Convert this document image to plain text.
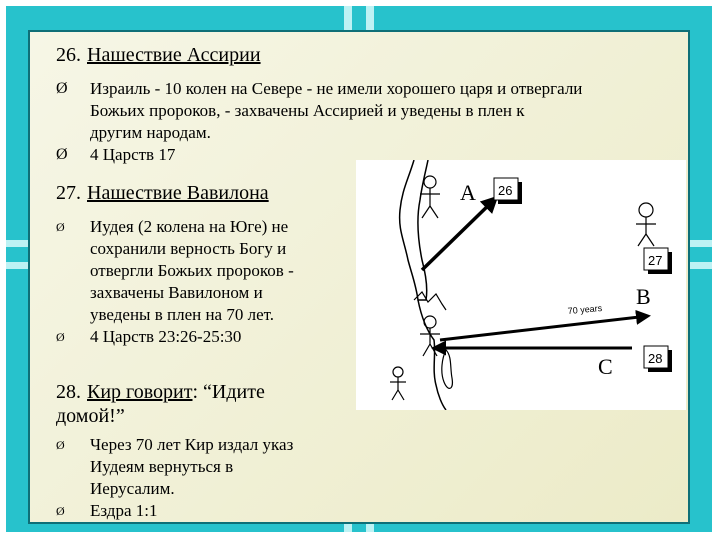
26. Нашествие Ассирии
Ø	Израиль - 10 колен на Севере - не имели хорошего царя и отвергали
Божьих пророков, - захвачены Ассирией и уведены в плен к
другим народам.
Ø	4 Царств 17
27. Нашествие Вавилона
Ø	Иудея (2 колена на Юге) не
сохранили верность Богу и
отвергли Божьих пророков -
захвачены Вавилоном и
уведены в плен на 70 лет.
Ø	4 Царств 23:26-25:30
28. Кир говорит: “Идите
домой!”
Ø	Через 70 лет Кир издал указ
Иудеям вернуться в
Иерусалим.
Ø	Ездра 1:1
70 years
A
B
C
26
27
28
